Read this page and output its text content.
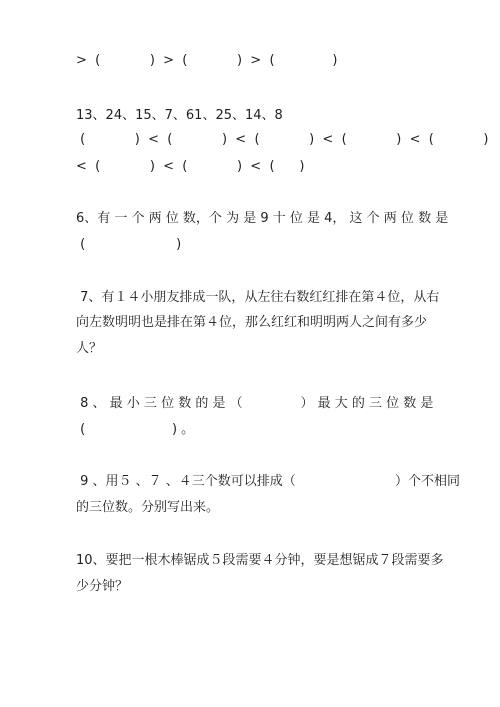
>  (            )  >  (            )  >  (              )
13、24、15、7、61、25、14、8
(            )  <  (            )  <  (            )  <  (            )  <  (            )
<  (            )  <  (            )  <  (      )
6、有 一 个 两 位 数，个 为 是 9 十 位 是 4， 这 个 两 位 数 是
(                      )
7、有１４小朋友排成一队，从左往右数红红排在第４位，从右
向左数明明也是排在第４位，那么红红和明明两人之间有多少
人？
8 、 最 小 三 位 数 的 是 （              ） 最 大 的 三 位 数 是
(                     ) 。
9 、用５ 、７ 、４三个数可以排成（                        ）个不相同
的三位数。分别写出来。
10、要把一根木棒锯成５段需要４分钟，要是想锯成７段需要多
少分钟？
